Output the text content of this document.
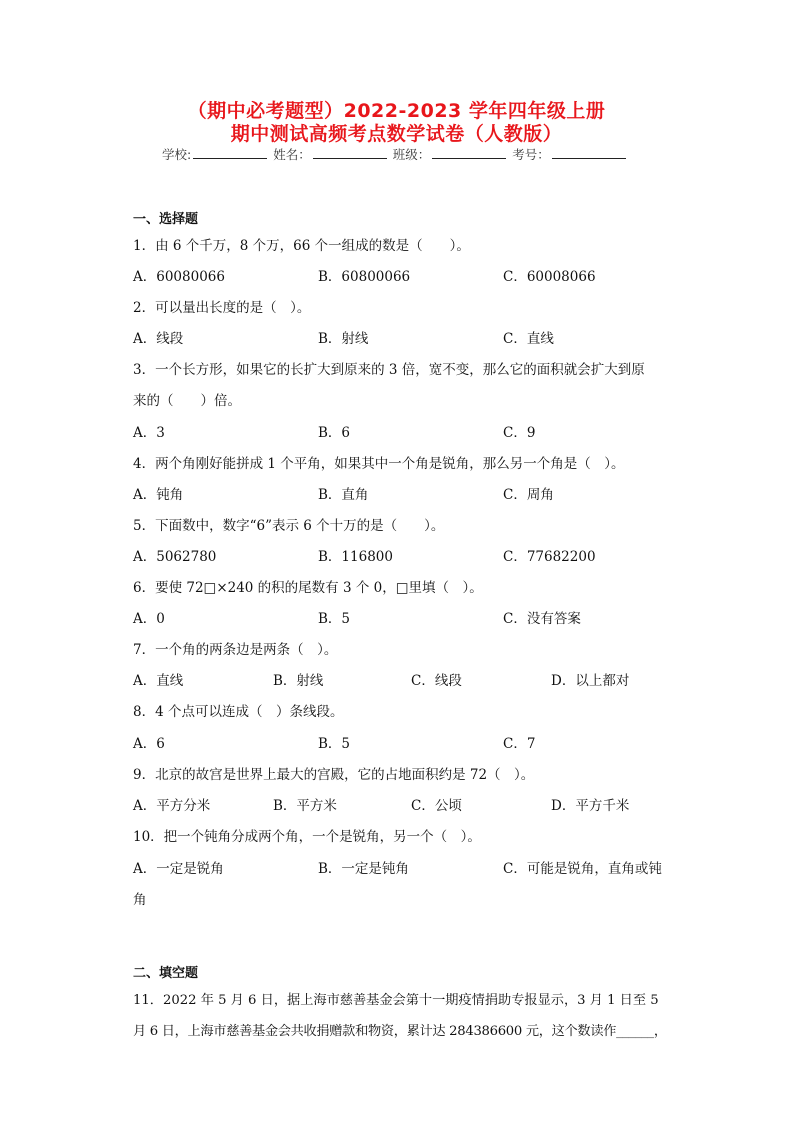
（期中必考题型）2022-2023 学年四年级上册
期中测试高频考点数学试卷（人教版）
学校:	姓名：	班级：	考号：
一、选择题
1．由 6 个千万，8 个万，66 个一组成的数是（　　）。
A．60080066	B．60800066	C．60008066
2．可以量出长度的是（　）。
A．线段	B．射线	C．直线
3．一个长方形，如果它的长扩大到原来的 3 倍，宽不变，那么它的面积就会扩大到原
来的（　　）倍。
A．3	B．6	C．9
4．两个角刚好能拼成 1 个平角，如果其中一个角是锐角，那么另一个角是（　）。
A．钝角	B．直角	C．周角
5．下面数中，数字“6”表示 6 个十万的是（　　）。
A．5062780	B．116800	C．77682200
6．要使 72□×240 的积的尾数有 3 个 0，□里填（　）。
A．0	B．5	C．没有答案
7．一个角的两条边是两条（　）。
A．直线	B．射线	C．线段	D．以上都对
8．4 个点可以连成（　）条线段。
A．6	B．5	C．7
9．北京的故宫是世界上最大的宫殿，它的占地面积约是 72（　）。
A．平方分米	B．平方米	C．公顷	D．平方千米
10．把一个钝角分成两个角，一个是锐角，另一个（　）。
A．一定是锐角	B．一定是钝角	C．可能是锐角，直角或钝
角
二、填空题
11．2022 年 5 月 6 日，据上海市慈善基金会第十一期疫情捐助专报显示，3 月 1 日至 5
月 6 日，上海市慈善基金会共收捐赠款和物资，累计达 284386600 元，这个数读作______，
